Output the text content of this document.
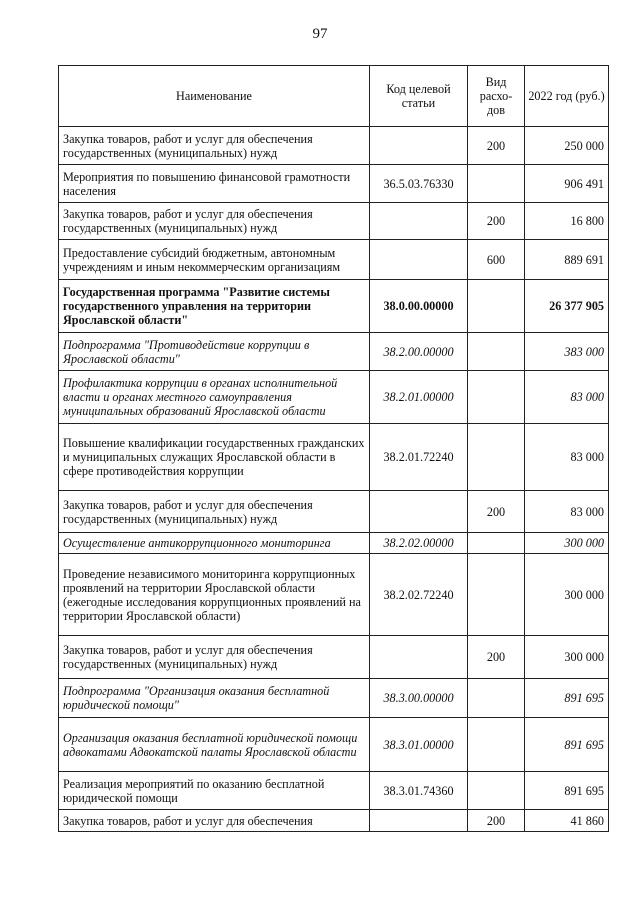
97
Наименование	Код целевой статьи	Вид расхо-дов	2022 год (руб.)
Закупка товаров, работ и услуг для обеспечения государственных (муниципальных) нужд		200	250 000
Мероприятия по повышению финансовой грамотности населения	36.5.03.76330		906 491
Закупка товаров, работ и услуг для обеспечения государственных (муниципальных) нужд		200	16 800
Предоставление субсидий бюджетным, автономным учреждениям и иным некоммерческим организациям		600	889 691
Государственная программа "Развитие системы государственного управления на территории Ярославской области"	38.0.00.00000		26 377 905
Подпрограмма "Противодействие коррупции в Ярославской области"	38.2.00.00000		383 000
Профилактика коррупции в органах исполнительной власти и органах местного самоуправления муниципальных образований Ярославской области	38.2.01.00000		83 000
Повышение квалификации государственных гражданских и муниципальных служащих Ярославской области в сфере противодействия коррупции	38.2.01.72240		83 000
Закупка товаров, работ и услуг для обеспечения государственных (муниципальных) нужд		200	83 000
Осуществление антикоррупционного мониторинга	38.2.02.00000		300 000
Проведение независимого мониторинга коррупционных проявлений на территории Ярославской области (ежегодные исследования коррупционных проявлений на территории Ярославской области)	38.2.02.72240		300 000
Закупка товаров, работ и услуг для обеспечения государственных (муниципальных) нужд		200	300 000
Подпрограмма "Организация оказания бесплатной юридической помощи"	38.3.00.00000		891 695
Организация оказания бесплатной юридической помощи адвокатами Адвокатской палаты Ярославской области	38.3.01.00000		891 695
Реализация мероприятий по оказанию бесплатной юридической помощи	38.3.01.74360		891 695
Закупка товаров, работ и услуг для обеспечения		200	41 860
